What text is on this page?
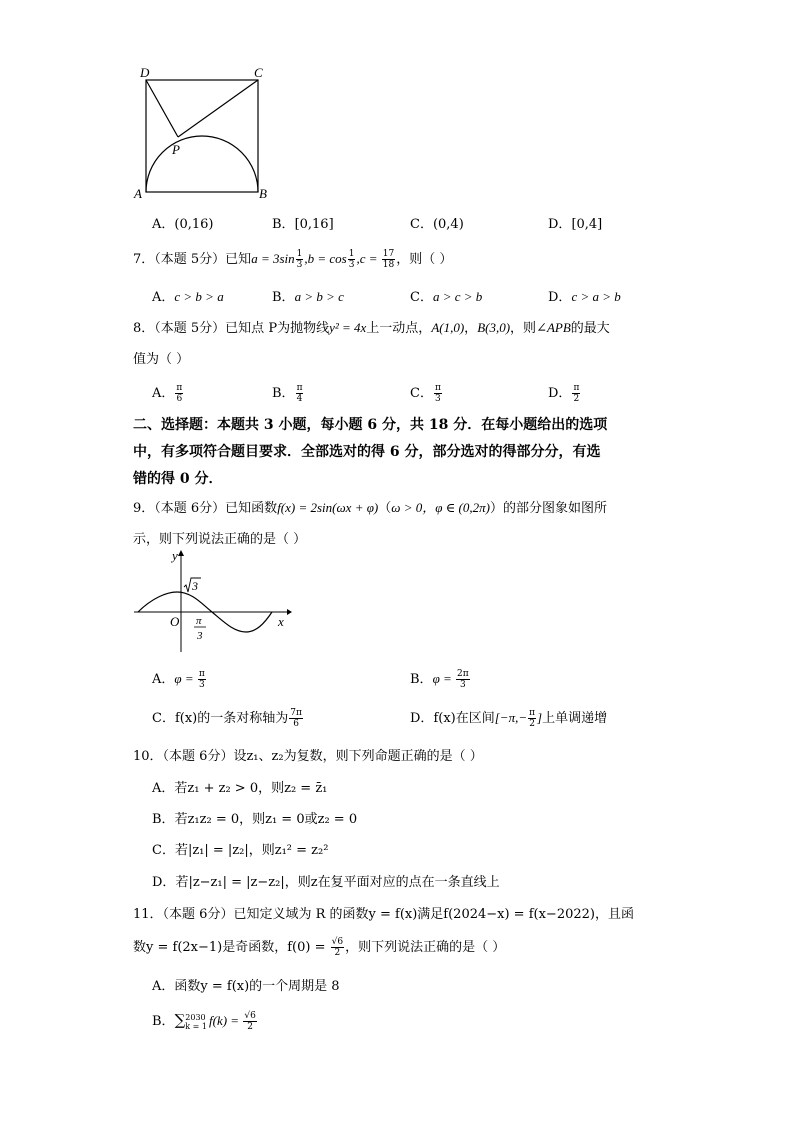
D	C
P
A	B
A．(0,16)	B．[0,16]	C．(0,4)	D．[0,4]
7．（本题 5分）已知$a = 3\sin \frac{1}{3} ,b = \cos \frac{1}{3} ,c = \frac{17}{18}$ ，则（ ）
A．c > b > a	B．a > b > c	C．a > c > b	D．c > a > b
8．（本题 5分）已知点 P为抛物线y² = 4x上一动点，A(1,0)，B(3,0)，则∠APB的最大
值为（ ）
A． $\frac{\pi}{6}$	B． $\frac{\pi}{4}$	C． $\frac{\pi}{3}$	D． $\frac{\pi}{2}$
二、选择题：本题共 3 小题，每小题 6 分，共 18 分．在每小题给出的选项
中，有多项符合题目要求．全部选对的得 6 分，部分选对的得部分分，有选
错的得 0 分．
9．（本题 6分）已知函数f(x) = 2sin(ωx + φ)（ω > 0，φ ∈ (0,2π)）的部分图象如图所
示，则下列说法正确的是（ ）
y
x
O
3
π
3
A．$\varphi = \frac{\pi}{3}$	B．$\varphi = \frac{2\pi}{3}$
C．f(x)的一条对称轴为 $\frac{7\pi}{6}$	D．f(x)在区间[$-\pi,- \frac{\pi}{2}$ ]上单调递增
10．（本题 6分）设z₁、z₂为复数，则下列命题正确的是（ ）
A．若z₁ + z₂ > 0，则z₂ = z̄₁
B．若z₁z₂ = 0，则z₁ = 0或z₂ = 0
C．若|z₁| = |z₂|，则z₁² = z₂²
D．若|z−z₁| = |z−z₂|，则z在复平面对应的点在一条直线上
11．（本题 6分）已知定义域为 R 的函数y = f(x)满足f(2024−x) = f(x−2022)，且函
数y = f(2x−1)是奇函数，$f(0) = \frac{√6}{2}$ ，则下列说法正确的是（ ）
A．函数y = f(x)的一个周期是 8
B．∑ 2030
k = 1 $f(k) = \frac{√6}{2}$
